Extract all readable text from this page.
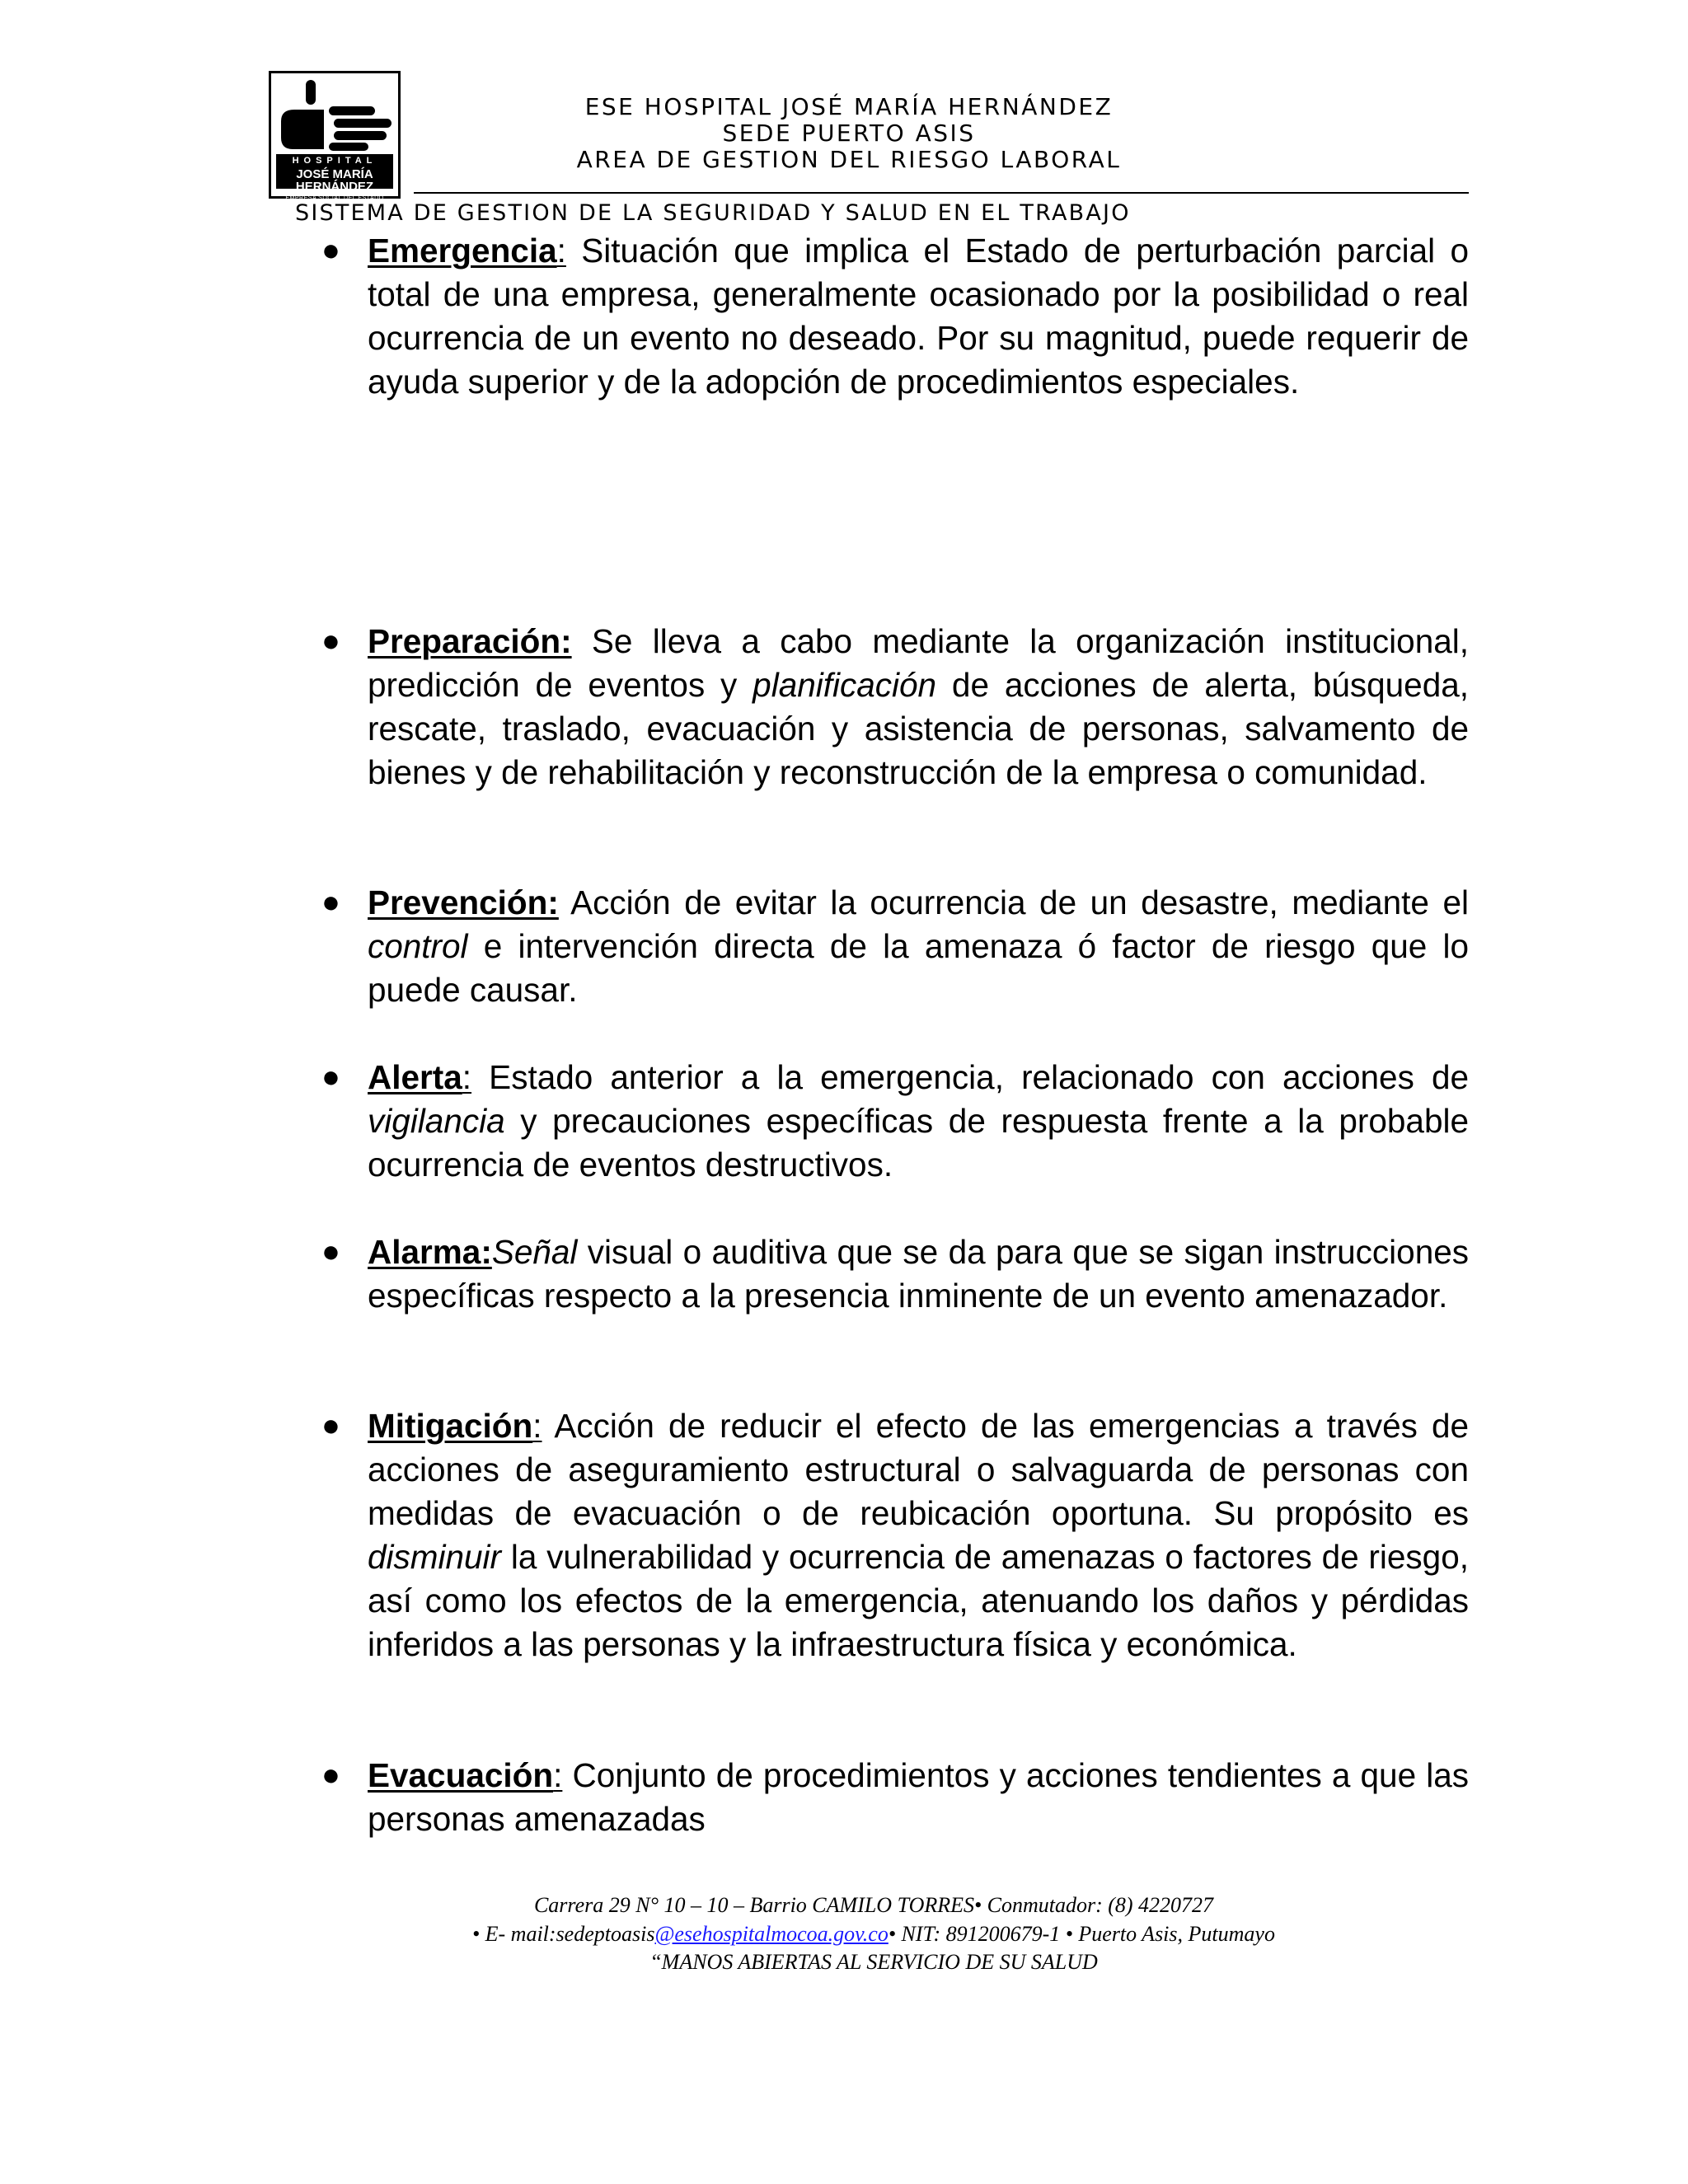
HOSPITAL
JOSÉ MARÍA HERNÁNDEZ
EMPRESA SOCIAL DEL ESTADO
ESE HOSPITAL JOSÉ MARÍA HERNÁNDEZ
SEDE PUERTO ASIS
AREA DE GESTION DEL RIESGO LABORAL
SISTEMA DE GESTION DE LA SEGURIDAD Y SALUD EN EL TRABAJO
● Emergencia: Situación que implica el Estado de perturbación parcial o total de una empresa, generalmente ocasionado por la posibilidad o real ocurrencia de un evento no deseado. Por su magnitud, puede requerir de ayuda superior y de la adopción de procedimientos especiales.

● Preparación: Se lleva a cabo mediante la organización institucional, predicción de eventos y planificación de acciones de alerta, búsqueda, rescate, traslado, evacuación y asistencia de personas, salvamento de bienes y de rehabilitación y reconstrucción de la empresa o comunidad.

● Prevención: Acción de evitar la ocurrencia de un desastre, mediante el control e intervención directa de la amenaza ó factor de riesgo que lo puede causar.

● Alerta: Estado anterior a la emergencia, relacionado con acciones de vigilancia y precauciones específicas de respuesta frente a la probable ocurrencia de eventos destructivos.

● Alarma:Señal visual o auditiva que se da para que se sigan instrucciones específicas respecto a la presencia inminente de un evento amenazador.

● Mitigación: Acción de reducir el efecto de las emergencias a través de acciones de aseguramiento estructural o salvaguarda de personas con medidas de evacuación o de reubicación oportuna. Su propósito es disminuir la vulnerabilidad y ocurrencia de amenazas o factores de riesgo, así como los efectos de la emergencia, atenuando los daños y pérdidas inferidos a las personas y la infraestructura física y económica.

● Evacuación: Conjunto de procedimientos y acciones tendientes a que las personas amenazadas

Carrera 29 N° 10 – 10 – Barrio CAMILO TORRES• Conmutador: (8) 4220727
• E- mail:sedeptoasis@esehospitalmocoa.gov.co• NIT: 891200679-1 • Puerto Asis, Putumayo
“MANOS ABIERTAS AL SERVICIO DE SU SALUD
